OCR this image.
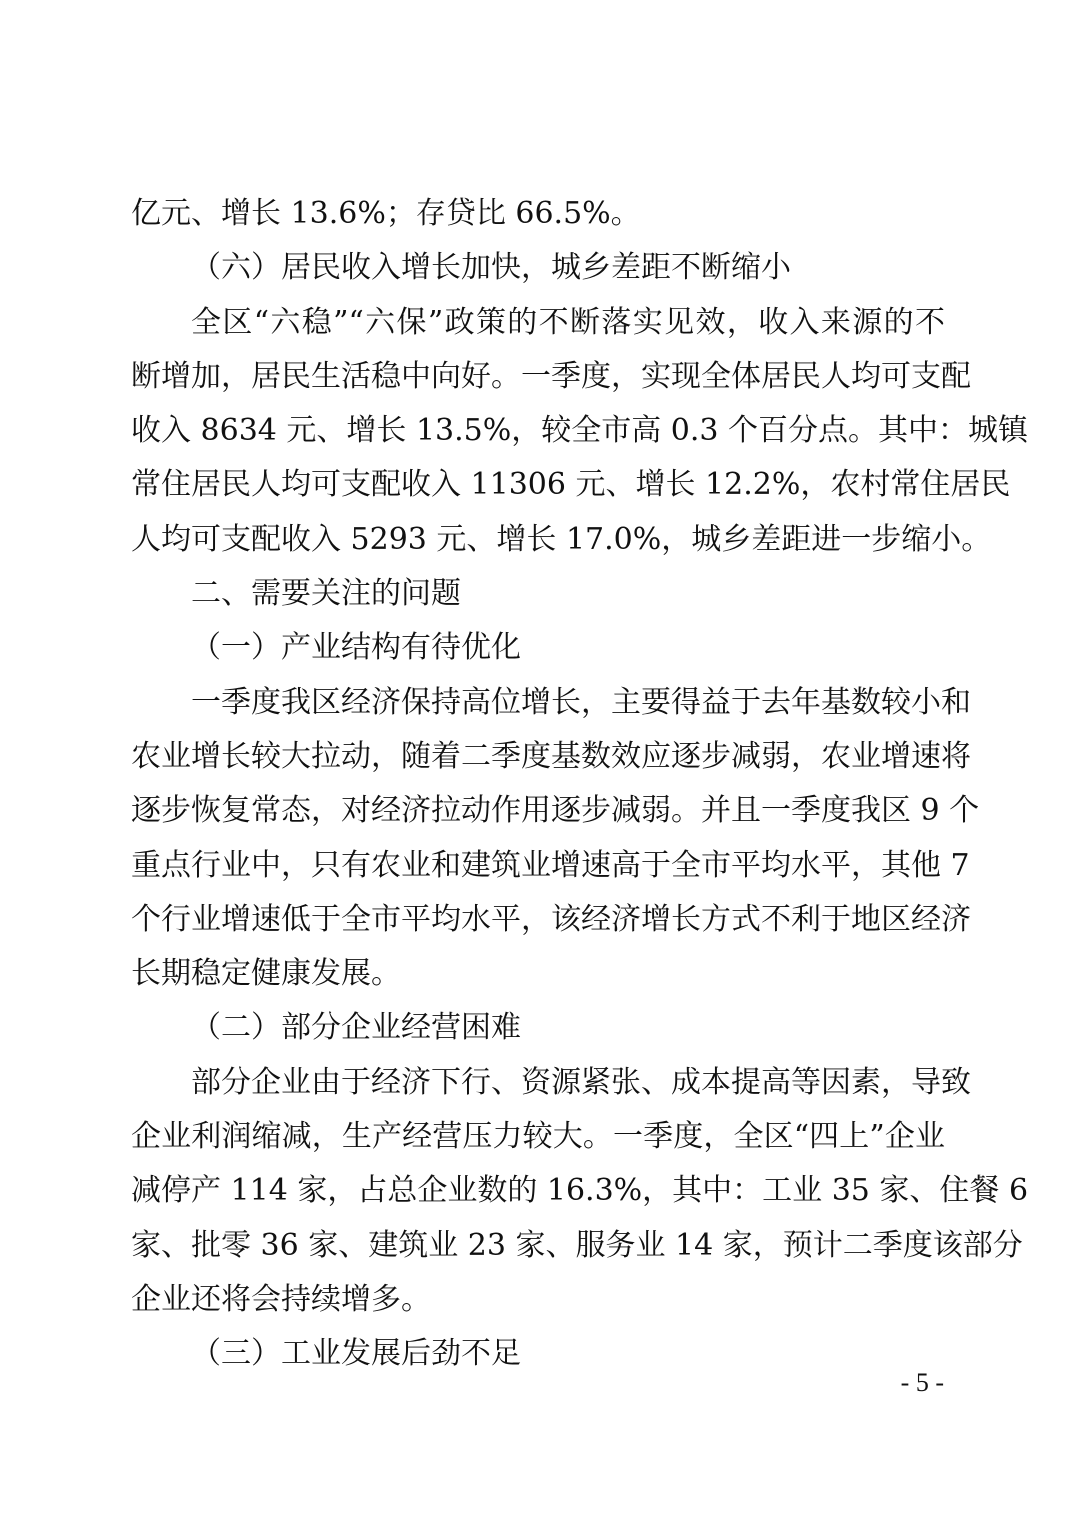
亿元、增长 13.6%；存贷比 66.5%。
（六）居民收入增长加快，城乡差距不断缩小
全区“六稳”“六保”政策的不断落实见效，收入来源的不
断增加，居民生活稳中向好。一季度，实现全体居民人均可支配
收入 8634 元、增长 13.5%，较全市高 0.3 个百分点。其中：城镇
常住居民人均可支配收入 11306 元、增长 12.2%，农村常住居民
人均可支配收入 5293 元、增长 17.0%，城乡差距进一步缩小。
二、需要关注的问题
（一）产业结构有待优化
一季度我区经济保持高位增长，主要得益于去年基数较小和
农业增长较大拉动，随着二季度基数效应逐步减弱，农业增速将
逐步恢复常态，对经济拉动作用逐步减弱。并且一季度我区 9 个
重点行业中，只有农业和建筑业增速高于全市平均水平，其他 7
个行业增速低于全市平均水平，该经济增长方式不利于地区经济
长期稳定健康发展。
（二）部分企业经营困难
部分企业由于经济下行、资源紧张、成本提高等因素，导致
企业利润缩减，生产经营压力较大。一季度，全区“四上”企业
减停产 114 家，占总企业数的 16.3%，其中：工业 35 家、住餐 6
家、批零 36 家、建筑业 23 家、服务业 14 家，预计二季度该部分
企业还将会持续增多。
（三）工业发展后劲不足
- 5 -
